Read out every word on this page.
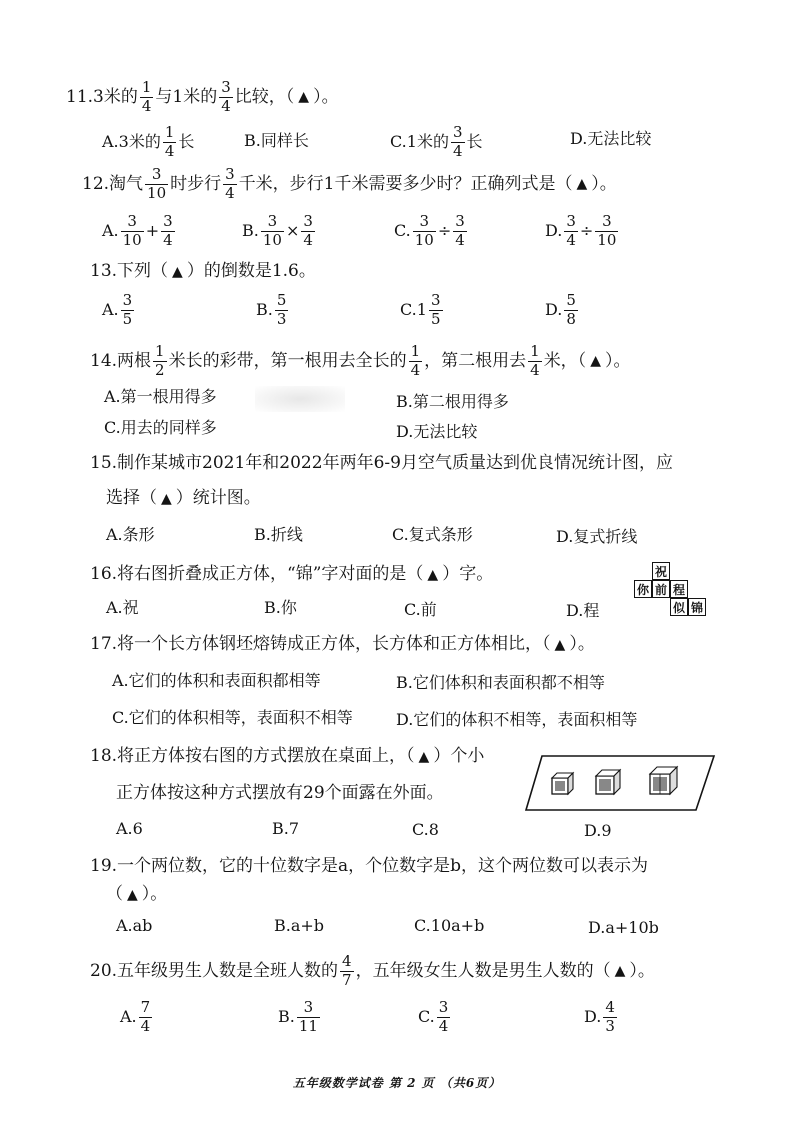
11. 3米的 $\frac{1}{4}$ 与1米的 $\frac{3}{4}$ 比较，（ ▲ ）。
A.3米的 $\frac{1}{4}$ 长	B.同样长	C.1米的 $\frac{3}{4}$ 长	D.无法比较
12. 淘气 $\frac{3}{10}$ 时步行 $\frac{3}{4}$ 千米，步行1千米需要多少时？正确列式是（ ▲ ）。
A. $\frac{3}{10} + \frac{3}{4}$	B. $\frac{3}{10} \times \frac{3}{4}$	C. $\frac{3}{10} \div \frac{3}{4}$	D. $\frac{3}{4} \div \frac{3}{10}$
13.下列（ ▲ ）的倒数是1.6。
A. $\frac{3}{5}$	B. $\frac{5}{3}$	C. $1 \frac{3}{5}$	D. $\frac{5}{8}$
14.两根 $\frac{1}{2}$ 米长的彩带，第一根用去全长的 $\frac{1}{4}$ ，第二根用去 $\frac{1}{4}$ 米，（ ▲ ）。
A.第一根用得多	B.第二根用得多
C.用去的同样多	D.无法比较
15.制作某城市2021年和2022年两年6-9月空气质量达到优良情况统计图，应
选择（ ▲ ）统计图。
A.条形	B.折线	C.复式条形	D.复式折线
16.将右图折叠成正方体，“锦”字对面的是（ ▲ ）字。
A.祝	B.你	C.前	D.程
祝
你 前 程
似 锦
17.将一个长方体钢坯熔铸成正方体，长方体和正方体相比，（ ▲ ）。
A.它们的体积和表面积都相等	B.它们体积和表面积都不相等
C.它们的体积相等，表面积不相等	D.它们的体积不相等，表面积相等
18.将正方体按右图的方式摆放在桌面上，（ ▲ ）个小
正方体按这种方式摆放有29个面露在外面。
A.6	B.7	C.8	D.9
19.一个两位数，它的十位数字是a，个位数字是b，这个两位数可以表示为
（ ▲ ）。
A.ab	B.a+b	C.10a+b	D.a+10b
20.五年级男生人数是全班人数的 $\frac{4}{7}$ ，五年级女生人数是男生人数的（ ▲ ）。
A. $\frac{7}{4}$	B. $\frac{3}{11}$	C. $\frac{3}{4}$	D. $\frac{4}{3}$
五年级数学试卷 第 2 页 （共6页）
